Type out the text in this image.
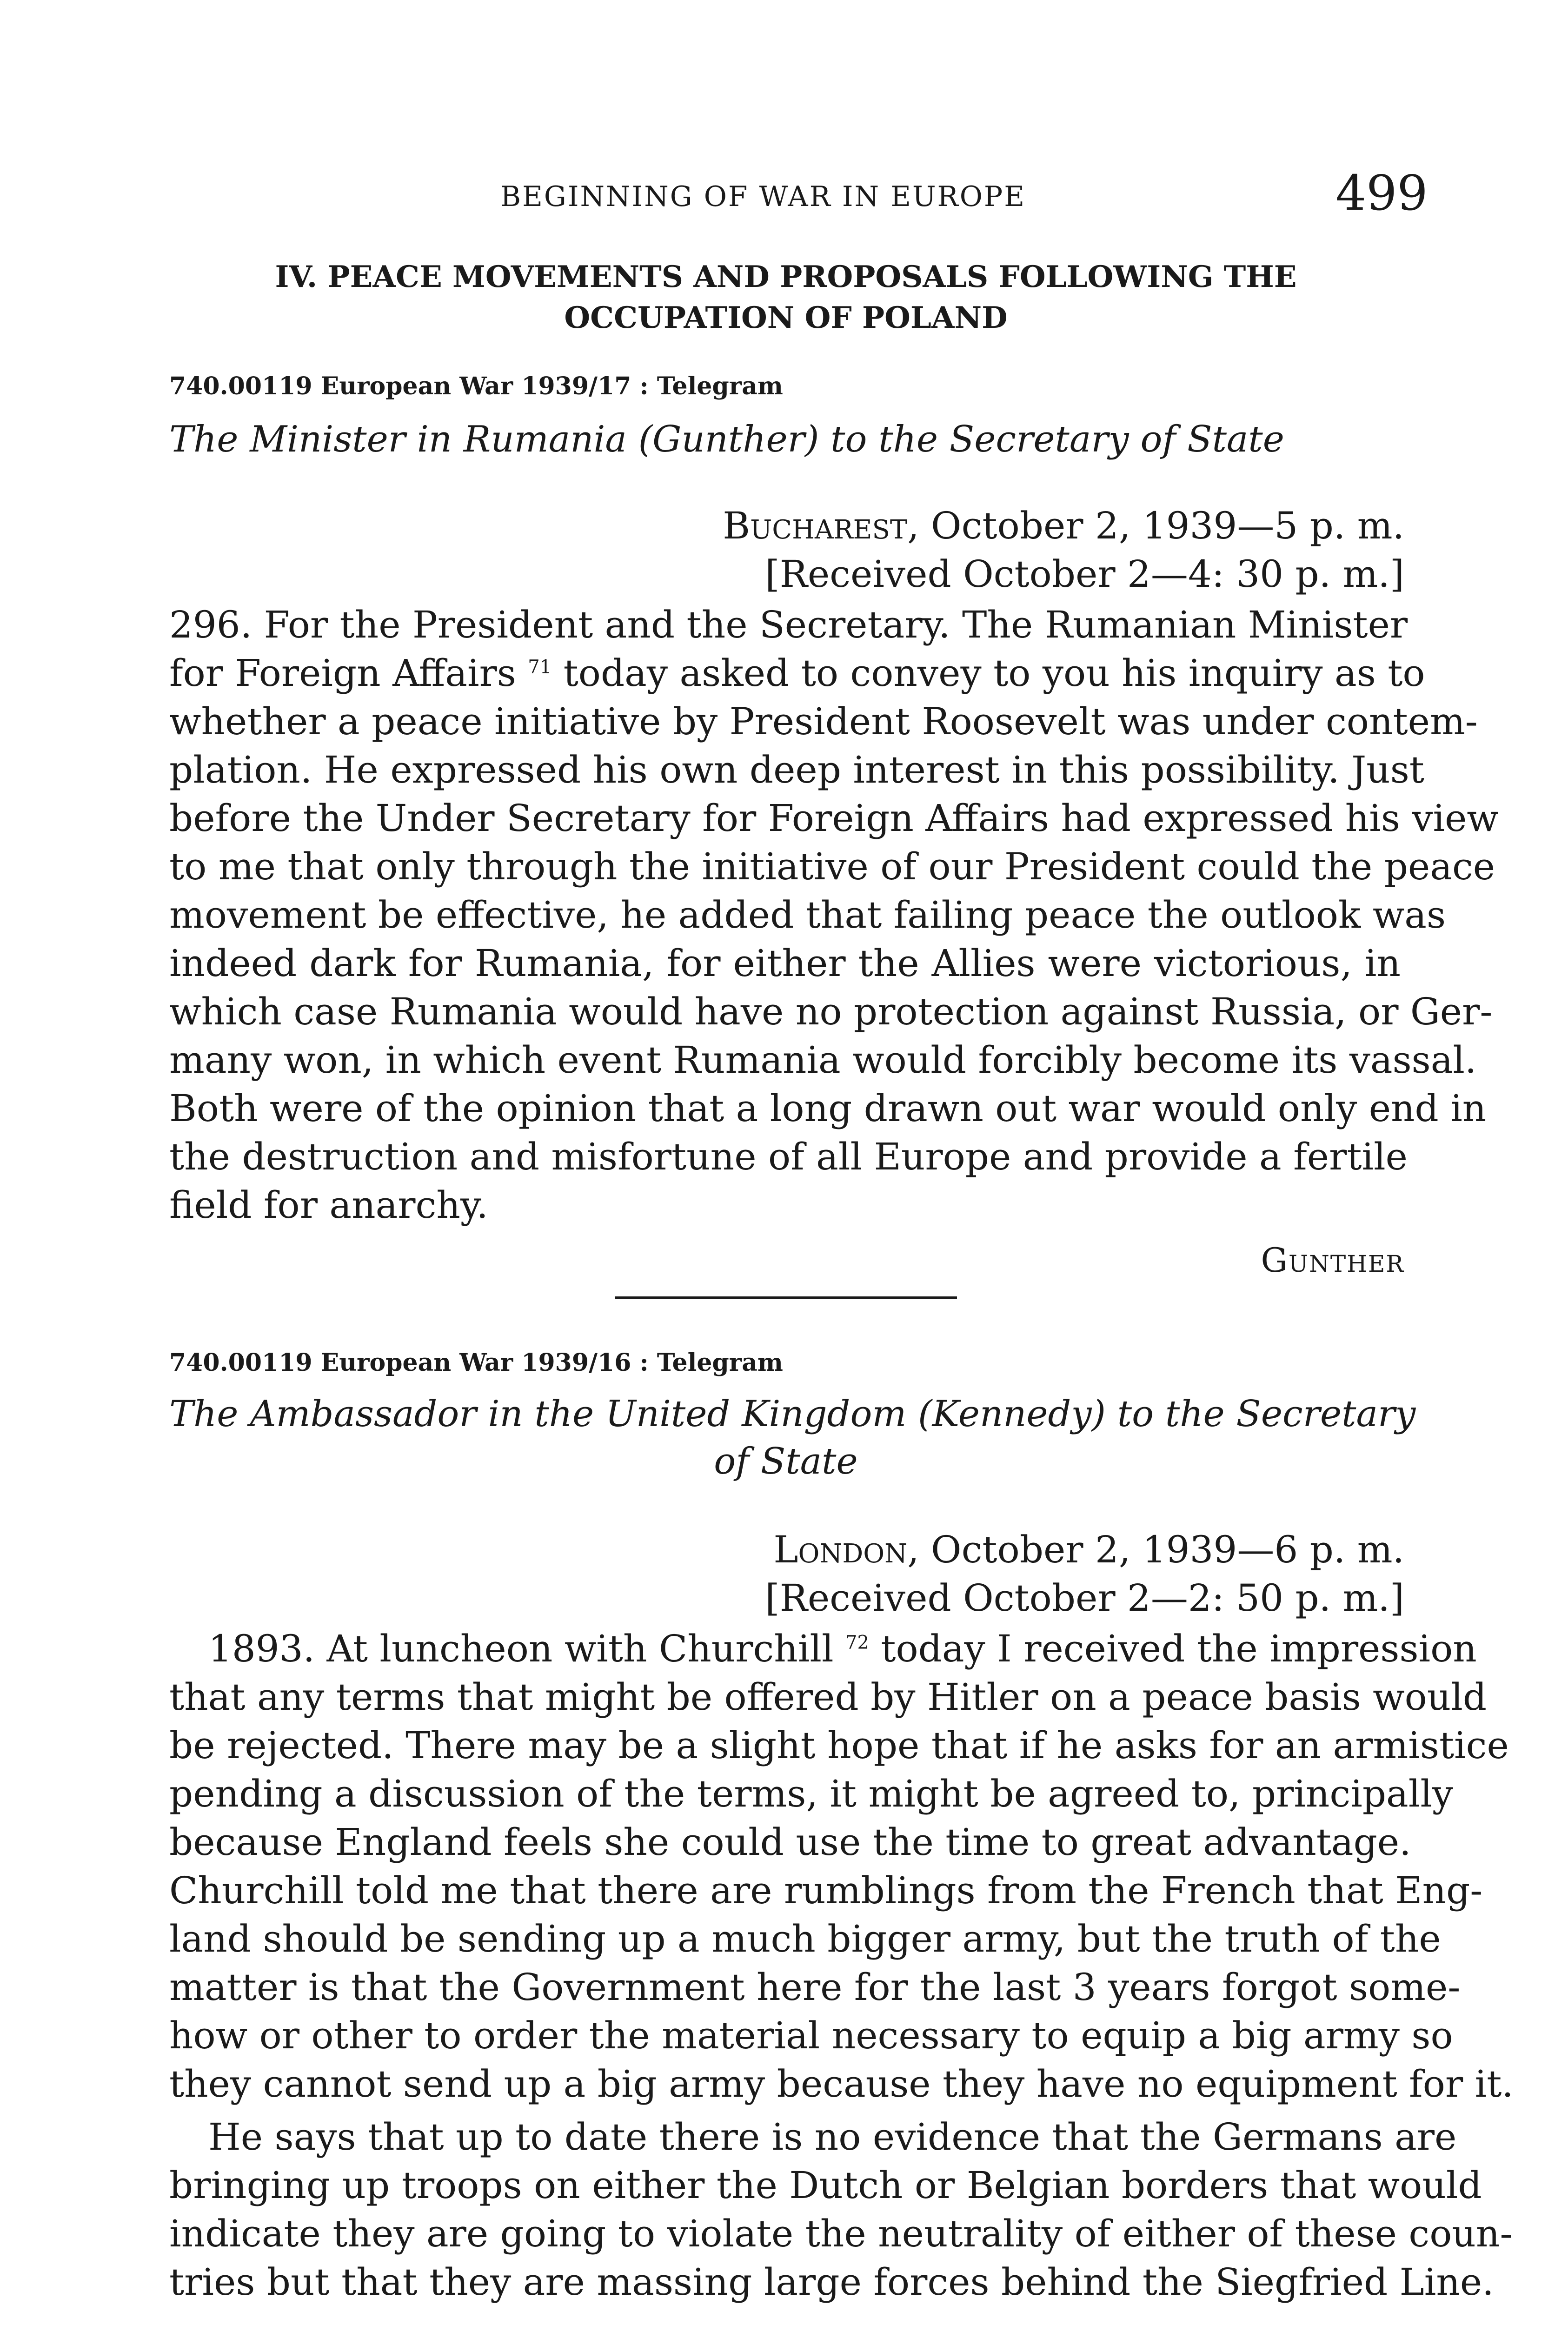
BEGINNING OF WAR IN EUROPE	499
IV. PEACE MOVEMENTS AND PROPOSALS FOLLOWING THE
OCCUPATION OF POLAND
740.00119 European War 1939/17 : Telegram
The Minister in Rumania (Gunther) to the Secretary of State
Bucharest, October 2, 1939—5 p. m.
[Received October 2—4: 30 p. m.]
296. For the President and the Secretary. The Rumanian Minister
for Foreign Affairs $^{71}$ today asked to convey to you his inquiry as to
whether a peace initiative by President Roosevelt was under contem-
plation. He expressed his own deep interest in this possibility. Just
before the Under Secretary for Foreign Affairs had expressed his view
to me that only through the initiative of our President could the peace
movement be effective, he added that failing peace the outlook was
indeed dark for Rumania, for either the Allies were victorious, in
which case Rumania would have no protection against Russia, or Ger-
many won, in which event Rumania would forcibly become its vassal.
Both were of the opinion that a long drawn out war would only end in
the destruction and misfortune of all Europe and provide a fertile
field for anarchy.
Gunther
740.00119 European War 1939/16 : Telegram
The Ambassador in the United Kingdom (Kennedy) to the Secretary
of State
London, October 2, 1939—6 p. m.
[Received October 2—2: 50 p. m.]
1893. At luncheon with Churchill $^{72}$ today I received the impression
that any terms that might be offered by Hitler on a peace basis would
be rejected. There may be a slight hope that if he asks for an armistice
pending a discussion of the terms, it might be agreed to, principally
because England feels she could use the time to great advantage.
Churchill told me that there are rumblings from the French that Eng-
land should be sending up a much bigger army, but the truth of the
matter is that the Government here for the last 3 years forgot some-
how or other to order the material necessary to equip a big army so
they cannot send up a big army because they have no equipment for it.
He says that up to date there is no evidence that the Germans are
bringing up troops on either the Dutch or Belgian borders that would
indicate they are going to violate the neutrality of either of these coun-
tries but that they are massing large forces behind the Siegfried Line.
